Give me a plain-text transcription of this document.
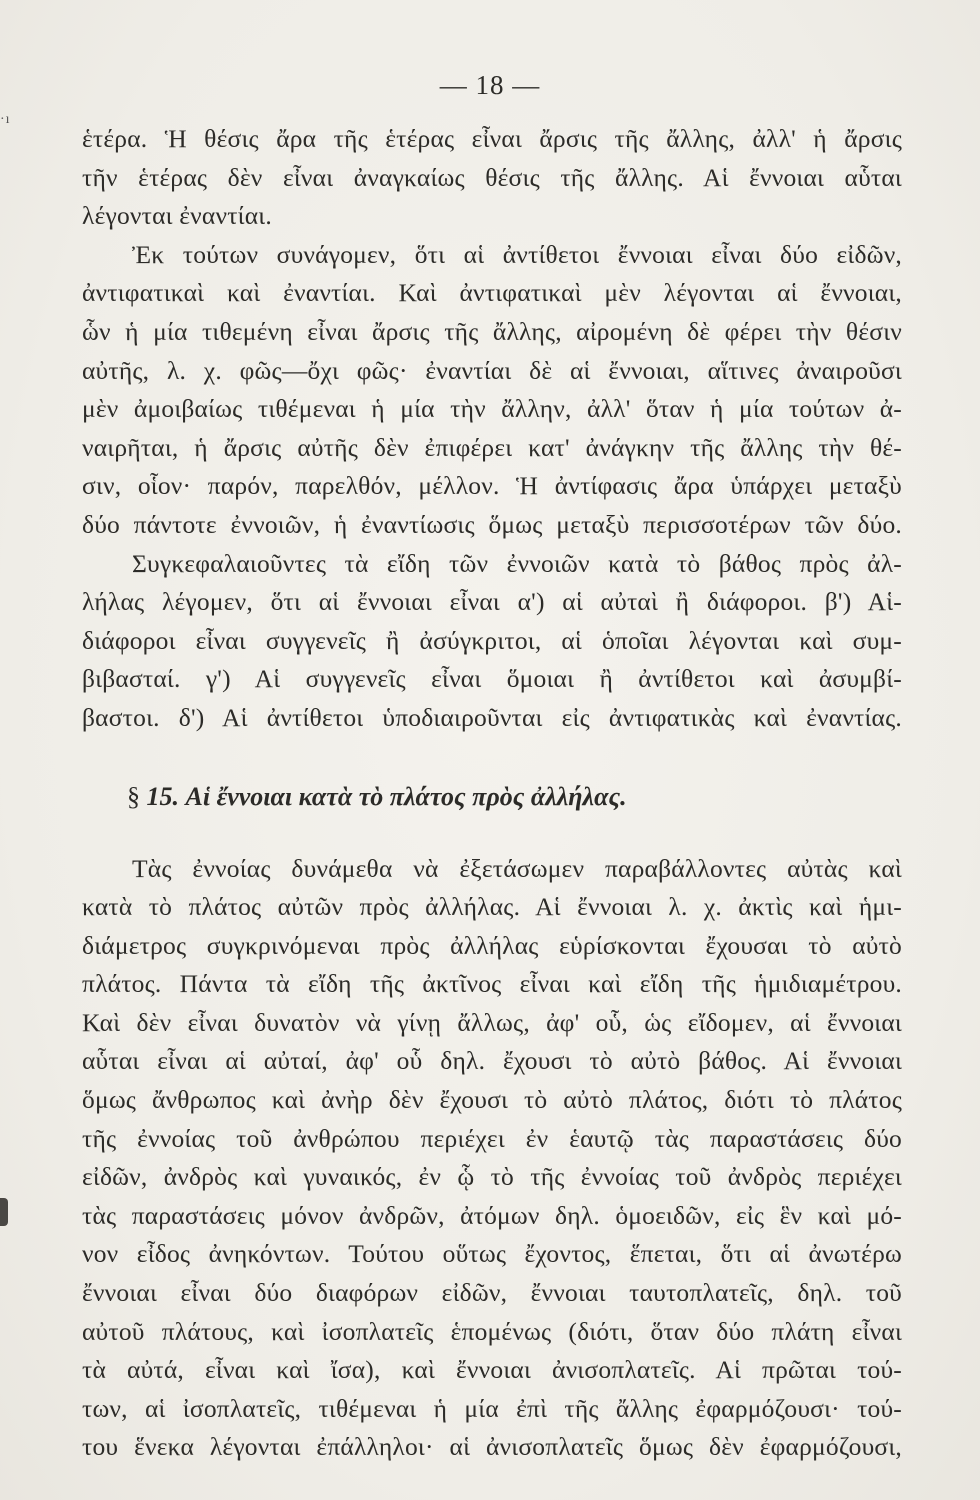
·ı
— 18 —
ἑτέρα. Ἡ θέσις ἄρα τῆς ἑτέρας εἶναι ἄρσις τῆς ἄλλης, ἀλλ' ἡ ἄρσις
τῆν ἑτέρας δὲν εἶναι ἀναγκαίως θέσις τῆς ἄλλης. Αἱ ἔννοιαι αὗται
λέγονται ἐναντίαι.
Ἐκ τούτων συνάγομεν, ὅτι αἱ ἀντίθετοι ἔννοιαι εἶναι δύο εἰδῶν,
ἀντιφατικαὶ καὶ ἐναντίαι. Καὶ ἀντιφατικαὶ μὲν λέγονται αἱ ἔννοιαι,
ὧν ἡ μία τιθεμένη εἶναι ἄρσις τῆς ἄλλης, αἰρομένη δὲ φέρει τὴν θέσιν
αὐτῆς, λ. χ. φῶς—ὄχι φῶς· ἐναντίαι δὲ αἱ ἔννοιαι, αἵτινες ἀναιροῦσι
μὲν ἀμοιβαίως τιθέμεναι ἡ μία τὴν ἄλλην, ἀλλ' ὅταν ἡ μία τούτων ἀ-
ναιρῆται, ἡ ἄρσις αὐτῆς δὲν ἐπιφέρει κατ' ἀνάγκην τῆς ἄλλης τὴν θέ-
σιν, οἷον· παρόν, παρελθόν, μέλλον. Ἡ ἀντίφασις ἄρα ὑπάρχει μεταξὺ
δύο πάντοτε ἐννοιῶν, ἡ ἐναντίωσις ὅμως μεταξὺ περισσοτέρων τῶν δύο.
Συγκεφαλαιοῦντες τὰ εἴδη τῶν ἐννοιῶν κατὰ τὸ βάθος πρὸς ἀλ-
λήλας λέγομεν, ὅτι αἱ ἔννοιαι εἶναι α') αἱ αὐταὶ ἢ διάφοροι. β') Αἱ-
διάφοροι εἶναι συγγενεῖς ἢ ἀσύγκριτοι, αἱ ὁποῖαι λέγονται καὶ συμ-
βιβασταί. γ') Αἱ συγγενεῖς εἶναι ὅμοιαι ἢ ἀντίθετοι καὶ ἀσυμβί-
βαστοι. δ') Αἱ ἀντίθετοι ὑποδιαιροῦνται εἰς ἀντιφατικὰς καὶ ἐναντίας.
§ 15. Αἱ ἔννοιαι κατὰ τὸ πλάτος πρὸς ἀλλήλας.
Τὰς ἐννοίας δυνάμεθα νὰ ἐξετάσωμεν παραβάλλοντες αὐτὰς καὶ
κατὰ τὸ πλάτος αὐτῶν πρὸς ἀλλήλας. Αἱ ἔννοιαι λ. χ. ἀκτὶς καὶ ἡμι-
διάμετρος συγκρινόμεναι πρὸς ἀλλήλας εὑρίσκονται ἔχουσαι τὸ αὐτὸ
πλάτος. Πάντα τὰ εἴδη τῆς ἀκτῖνος εἶναι καὶ εἴδη τῆς ἡμιδιαμέτρου.
Καὶ δὲν εἶναι δυνατὸν νὰ γίνῃ ἄλλως, ἀφ' οὗ, ὡς εἴδομεν, αἱ ἔννοιαι
αὗται εἶναι αἱ αὐταί, ἀφ' οὗ δηλ. ἔχουσι τὸ αὐτὸ βάθος. Αἱ ἔννοιαι
ὅμως ἄνθρωπος καὶ ἀνὴρ δὲν ἔχουσι τὸ αὐτὸ πλάτος, διότι τὸ πλάτος
τῆς ἐννοίας τοῦ ἀνθρώπου περιέχει ἐν ἑαυτῷ τὰς παραστάσεις δύο
εἰδῶν, ἀνδρὸς καὶ γυναικός, ἐν ᾧ τὸ τῆς ἐννοίας τοῦ ἀνδρὸς περιέχει
τὰς παραστάσεις μόνον ἀνδρῶν, ἀτόμων δηλ. ὁμοειδῶν, εἰς ἓν καὶ μό-
νον εἶδος ἀνηκόντων. Τούτου οὕτως ἔχοντος, ἕπεται, ὅτι αἱ ἀνωτέρω
ἔννοιαι εἶναι δύο διαφόρων εἰδῶν, ἔννοιαι ταυτοπλατεῖς, δηλ. τοῦ
αὐτοῦ πλάτους, καὶ ἰσοπλατεῖς ἑπομένως (διότι, ὅταν δύο πλάτη εἶναι
τὰ αὐτά, εἶναι καὶ ἴσα), καὶ ἔννοιαι ἀνισοπλατεῖς. Αἱ πρῶται τού-
των, αἱ ἰσοπλατεῖς, τιθέμεναι ἡ μία ἐπὶ τῆς ἄλλης ἐφαρμόζουσι· τού-
του ἕνεκα λέγονται ἐπάλληλοι· αἱ ἀνισοπλατεῖς ὅμως δὲν ἐφαρμόζουσι,
